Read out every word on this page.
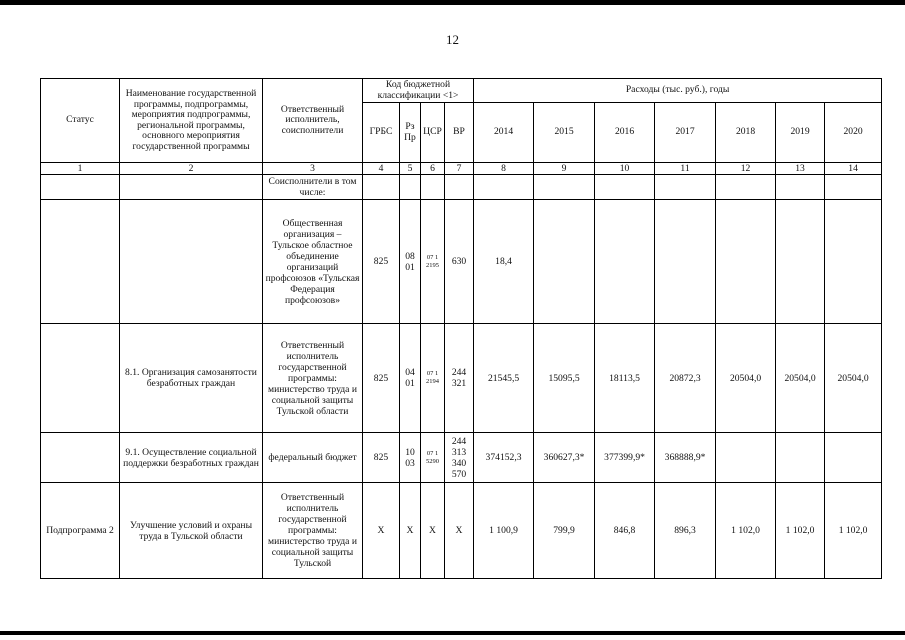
12
Статус	Наименование государственной программы, подпрограммы, мероприятия подпрограммы, региональной программы, основного мероприятия государственной программы	Ответственный исполнитель, соисполнители	Код бюджетной классификации <1>				Расходы (тыс. руб.), годы						
			ГРБС	Рз Пр	ЦСР	ВР	2014	2015	2016	2017	2018	2019	2020
1	2	3	4	5	6	7	8	9	10	11	12	13	14
		Соисполнители в том числе:											
		Общественная организация – Тульское областное объединение организаций профсоюзов «Тульская Федерация профсоюзов»	825	08 01	07 1 2195	630	18,4						
	8.1. Организация самозанятости безработных граждан	Ответственный исполнитель государственной программы: министерство труда и социальной защиты Тульской области	825	04 01	07 1 2194	244 321	21545,5	15095,5	18113,5	20872,3	20504,0	20504,0	20504,0
	9.1. Осуществление социальной поддержки безработных граждан	федеральный бюджет	825	10 03	07 1 5290	244 313 340 570	374152,3	360627,3*	377399,9*	368888,9*			
Подпрограмма 2	Улучшение условий и охраны труда в Тульской области	Ответственный исполнитель государственной программы: министерство труда и социальной защиты Тульской	X	X	X	X	1 100,9	799,9	846,8	896,3	1 102,0	1 102,0	1 102,0
